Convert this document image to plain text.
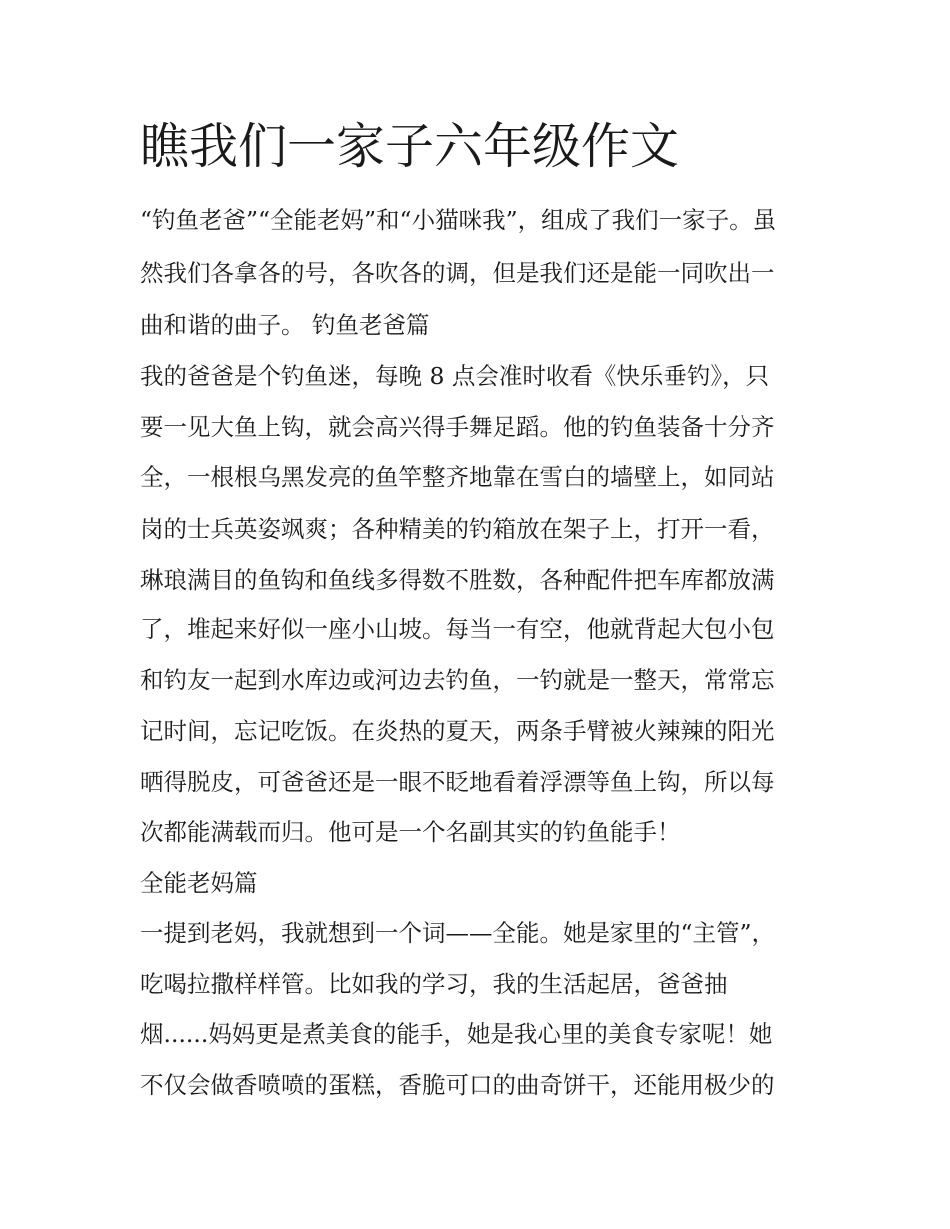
瞧我们一家子六年级作文

“钓鱼老爸”“全能老妈”和“小猫咪我”，组成了我们一家子。虽

然我们各拿各的号，各吹各的调，但是我们还是能一同吹出一

曲和谐的曲子。 钓鱼老爸篇

我的爸爸是个钓鱼迷，每晚 8 点会准时收看《快乐垂钓》，只

要一见大鱼上钩，就会高兴得手舞足蹈。他的钓鱼装备十分齐

全，一根根乌黑发亮的鱼竿整齐地靠在雪白的墙壁上，如同站

岗的士兵英姿飒爽；各种精美的钓箱放在架子上，打开一看，

琳琅满目的鱼钩和鱼线多得数不胜数，各种配件把车库都放满

了，堆起来好似一座小山坡。每当一有空，他就背起大包小包

和钓友一起到水库边或河边去钓鱼，一钓就是一整天，常常忘

记时间，忘记吃饭。在炎热的夏天，两条手臂被火辣辣的阳光

晒得脱皮，可爸爸还是一眼不眨地看着浮漂等鱼上钩，所以每

次都能满载而归。他可是一个名副其实的钓鱼能手！

全能老妈篇

一提到老妈，我就想到一个词——全能。她是家里的“主管”，

吃喝拉撒样样管。比如我的学习，我的生活起居，爸爸抽

烟......妈妈更是煮美食的能手，她是我心里的美食专家呢！她

不仅会做香喷喷的蛋糕，香脆可口的曲奇饼干，还能用极少的
